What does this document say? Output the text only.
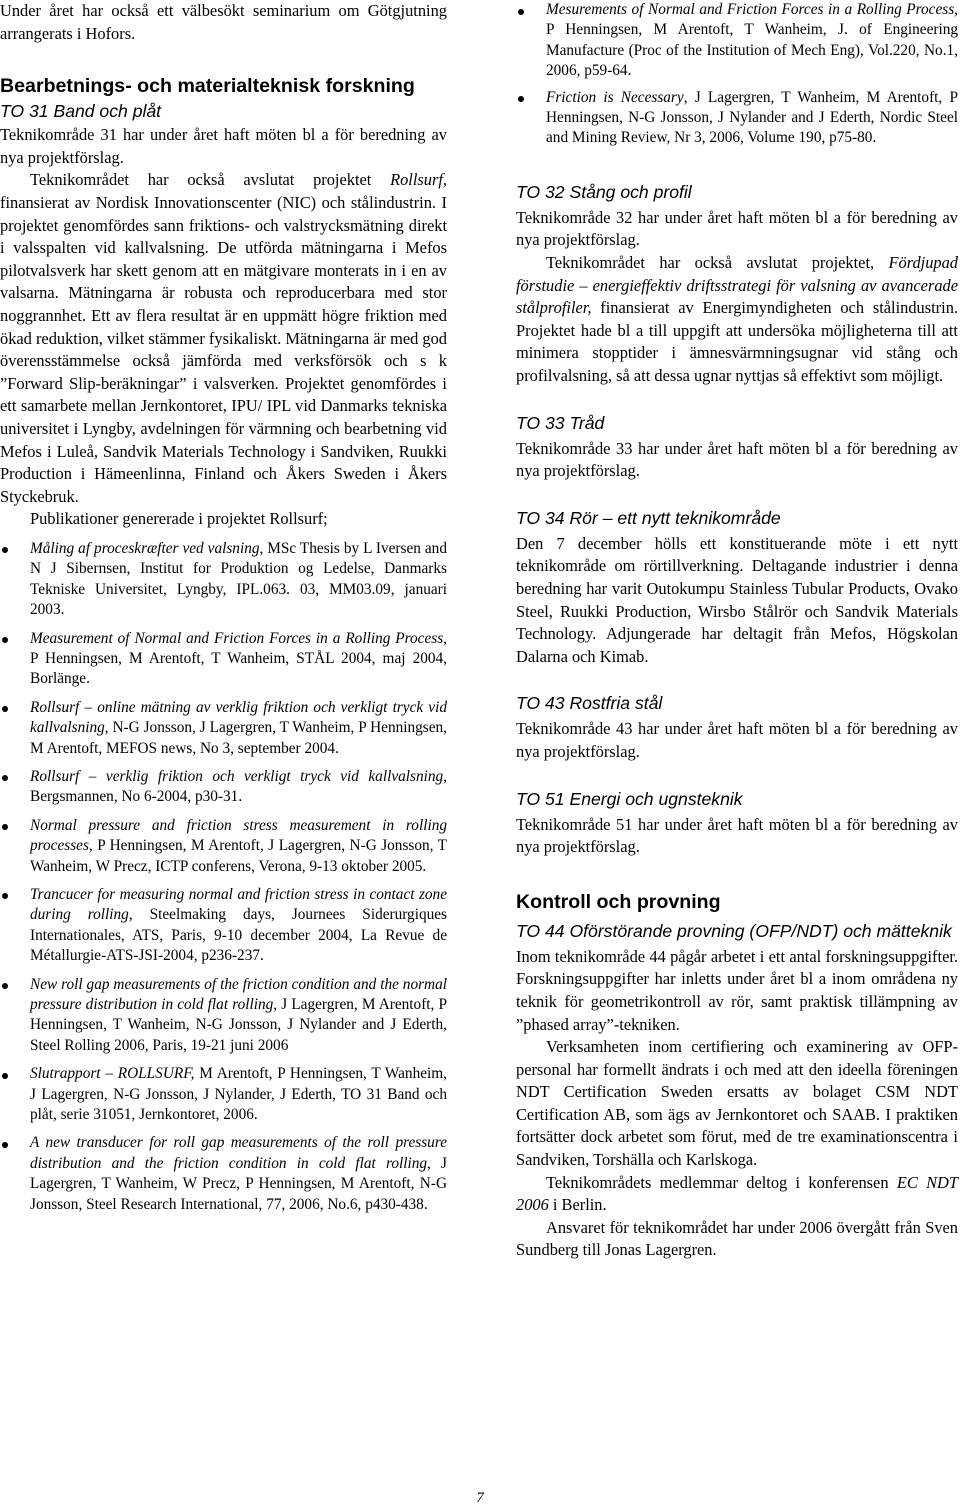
Under året har också ett välbesökt seminarium om Götgjutning arrangerats i Hofors.

Bearbetnings- och materialteknisk forskning
TO 31 Band och plåt

Teknikområde 31 har under året haft möten bl a för beredning av nya projektförslag.

Teknikområdet har också avslutat projektet Rollsurf, finansierat av Nordisk Innovationscenter (NIC) och stålindustrin. I projektet genomfördes sann friktions- och valstrycksmätning direkt i valsspalten vid kallvalsning. De utförda mätningarna i Mefos pilotvalsverk har skett genom att en mätgivare monterats in i en av valsarna. Mätningarna är robusta och reproducerbara med stor noggrannhet. Ett av flera resultat är en uppmätt högre friktion med ökad reduktion, vilket stämmer fysikaliskt. Mätningarna är med god överensstämmelse också jämförda med verksförsök och s k ”Forward Slip-beräkningar” i valsverken. Projektet genomfördes i ett samarbete mellan Jernkontoret, IPU/ IPL vid Danmarks tekniska universitet i Lyngby, avdelningen för värmning och bearbetning vid Mefos i Luleå, Sandvik Materials Technology i Sandviken, Ruukki Production i Hämeenlinna, Finland och Åkers Sweden i Åkers Styckebruk.

Publikationer genererade i projektet Rollsurf;

Måling af proceskræfter ved valsning, MSc Thesis by L Iversen and N J Sibernsen, Institut for Produktion og Ledelse, Danmarks Tekniske Universitet, Lyngby, IPL.063. 03, MM03.09, januari 2003.
Measurement of Normal and Friction Forces in a Rolling Process, P Henningsen, M Arentoft, T Wanheim, STÅL 2004, maj 2004, Borlänge.
Rollsurf – online mätning av verklig friktion och verkligt tryck vid kallvalsning, N-G Jonsson, J Lagergren, T Wanheim, P Henningsen, M Arentoft, MEFOS news, No 3, september 2004.
Rollsurf – verklig friktion och verkligt tryck vid kallvalsning, Bergsmannen, No 6-2004, p30-31.
Normal pressure and friction stress measurement in rolling processes, P Henningsen, M Arentoft, J Lagergren, N-G Jonsson, T Wanheim, W Precz, ICTP conferens, Verona, 9-13 oktober 2005.
Trancucer for measuring normal and friction stress in contact zone during rolling, Steelmaking days, Journees Siderurgiques Internationales, ATS, Paris, 9-10 december 2004, La Revue de Métallurgie-ATS-JSI-2004, p236-237.
New roll gap measurements of the friction condition and the normal pressure distribution in cold flat rolling, J Lagergren, M Arentoft, P Henningsen, T Wanheim, N-G Jonsson, J Nylander and J Ederth, Steel Rolling 2006, Paris, 19-21 juni 2006
Slutrapport – ROLLSURF, M Arentoft, P Henningsen, T Wanheim, J Lagergren, N-G Jonsson, J Nylander, J Ederth, TO 31 Band och plåt, serie 31051, Jernkontoret, 2006.
A new transducer for roll gap measurements of the roll pressure distribution and the friction condition in cold flat rolling, J Lagergren, T Wanheim, W Precz, P Henningsen, M Arentoft, N-G Jonsson, Steel Research International, 77, 2006, No.6, p430-438.
Mesurements of Normal and Friction Forces in a Rolling Process, P Henningsen, M Arentoft, T Wanheim, J. of Engineering Manufacture (Proc of the Institution of Mech Eng), Vol.220, No.1, 2006, p59-64.
Friction is Necessary, J Lagergren, T Wanheim, M Arentoft, P Henningsen, N-G Jonsson, J Nylander and J Ederth, Nordic Steel and Mining Review, Nr 3, 2006, Volume 190, p75-80.
TO 32 Stång och profil

Teknikområde 32 har under året haft möten bl a för beredning av nya projektförslag.

Teknikområdet har också avslutat projektet, Fördjupad förstudie – energieffektiv driftsstrategi för valsning av avancerade stålprofiler, finansierat av Energimyndigheten och stålindustrin. Projektet hade bl a till uppgift att undersöka möjligheterna till att minimera stopptider i ämnesvärmningsugnar vid stång och profilvalsning, så att dessa ugnar nyttjas så effektivt som möjligt.

TO 33 Tråd

Teknikområde 33 har under året haft möten bl a för beredning av nya projektförslag.

TO 34 Rör – ett nytt teknikområde

Den 7 december hölls ett konstituerande möte i ett nytt teknikområde om rörtillverkning. Deltagande industrier i denna beredning har varit Outokumpu Stainless Tubular Products, Ovako Steel, Ruukki Production, Wirsbo Stålrör och Sandvik Materials Technology. Adjungerade har deltagit från Mefos, Högskolan Dalarna och Kimab.

TO 43 Rostfria stål

Teknikområde 43 har under året haft möten bl a för beredning av nya projektförslag.

TO 51 Energi och ugnsteknik

Teknikområde 51 har under året haft möten bl a för beredning av nya projektförslag.

Kontroll och provning
TO 44 Oförstörande provning (OFP/NDT) och mätteknik

Inom teknikområde 44 pågår arbetet i ett antal forskningsuppgifter. Forskningsuppgifter har inletts under året bl a inom områdena ny teknik för geometrikontroll av rör, samt praktisk tillämpning av ”phased array”-tekniken.

Verksamheten inom certifiering och examinering av OFP-personal har formellt ändrats i och med att den ideella föreningen NDT Certification Sweden ersatts av bolaget CSM NDT Certification AB, som ägs av Jernkontoret och SAAB. I praktiken fortsätter dock arbetet som förut, med de tre examinationscentra i Sandviken, Torshälla och Karlskoga.

Teknikområdets medlemmar deltog i konferensen EC NDT 2006 i Berlin.

Ansvaret för teknikområdet har under 2006 övergått från Sven Sundberg till Jonas Lagergren.

7
